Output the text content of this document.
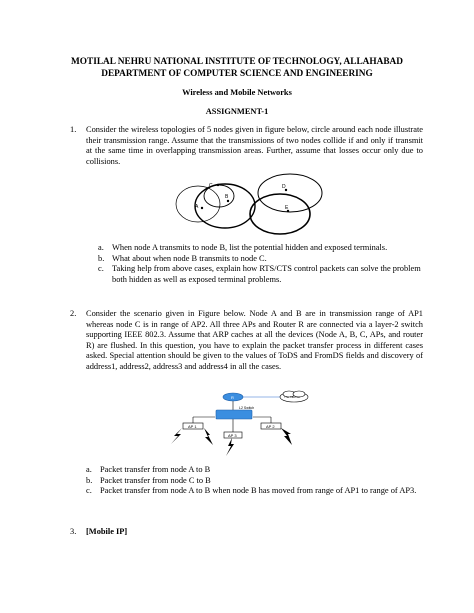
MOTILAL NEHRU NATIONAL INSTITUTE OF TECHNOLOGY, ALLAHABAD
DEPARTMENT OF COMPUTER SCIENCE AND ENGINEERING
Wireless and Mobile Networks
ASSIGNMENT-1
1. Consider the wireless topologies of 5 nodes given in figure below, circle around each node illustrate their transmission range. Assume that the transmissions of two nodes collide if and only if transmit at the same time in overlapping transmission areas. Further, assume that losses occur only due to collisions.
C
B
A
D
E
a. When node A transmits to node B, list the potential hidden and exposed terminals.
b. What about when node B transmits to node C.
c. Taking help from above cases, explain how RTS/CTS control packets can solve the problem both hidden as well as exposed terminal problems.
2. Consider the scenario given in Figure below. Node A and B are in transmission range of AP1 whereas node C is in range of AP2. All three APs and Router R are connected via a layer-2 switch supporting IEEE 802.3. Assume that ARP caches at all the devices (Node A, B, C, APs, and router R) are flushed. In this question, you have to explain the packet transfer process in different cases asked. Special attention should be given to the values of ToDS and FromDS fields and discovery of address1, address2, address3 and address4 in all the cases.
R	The Internet
L2 Switch
AP 1	AP 2
AP 3
a. Packet transfer from node A to B
b. Packet transfer from node C to B
c. Packet transfer from node A to B when node B has moved from range of AP1 to range of AP3.
3. [Mobile IP]
